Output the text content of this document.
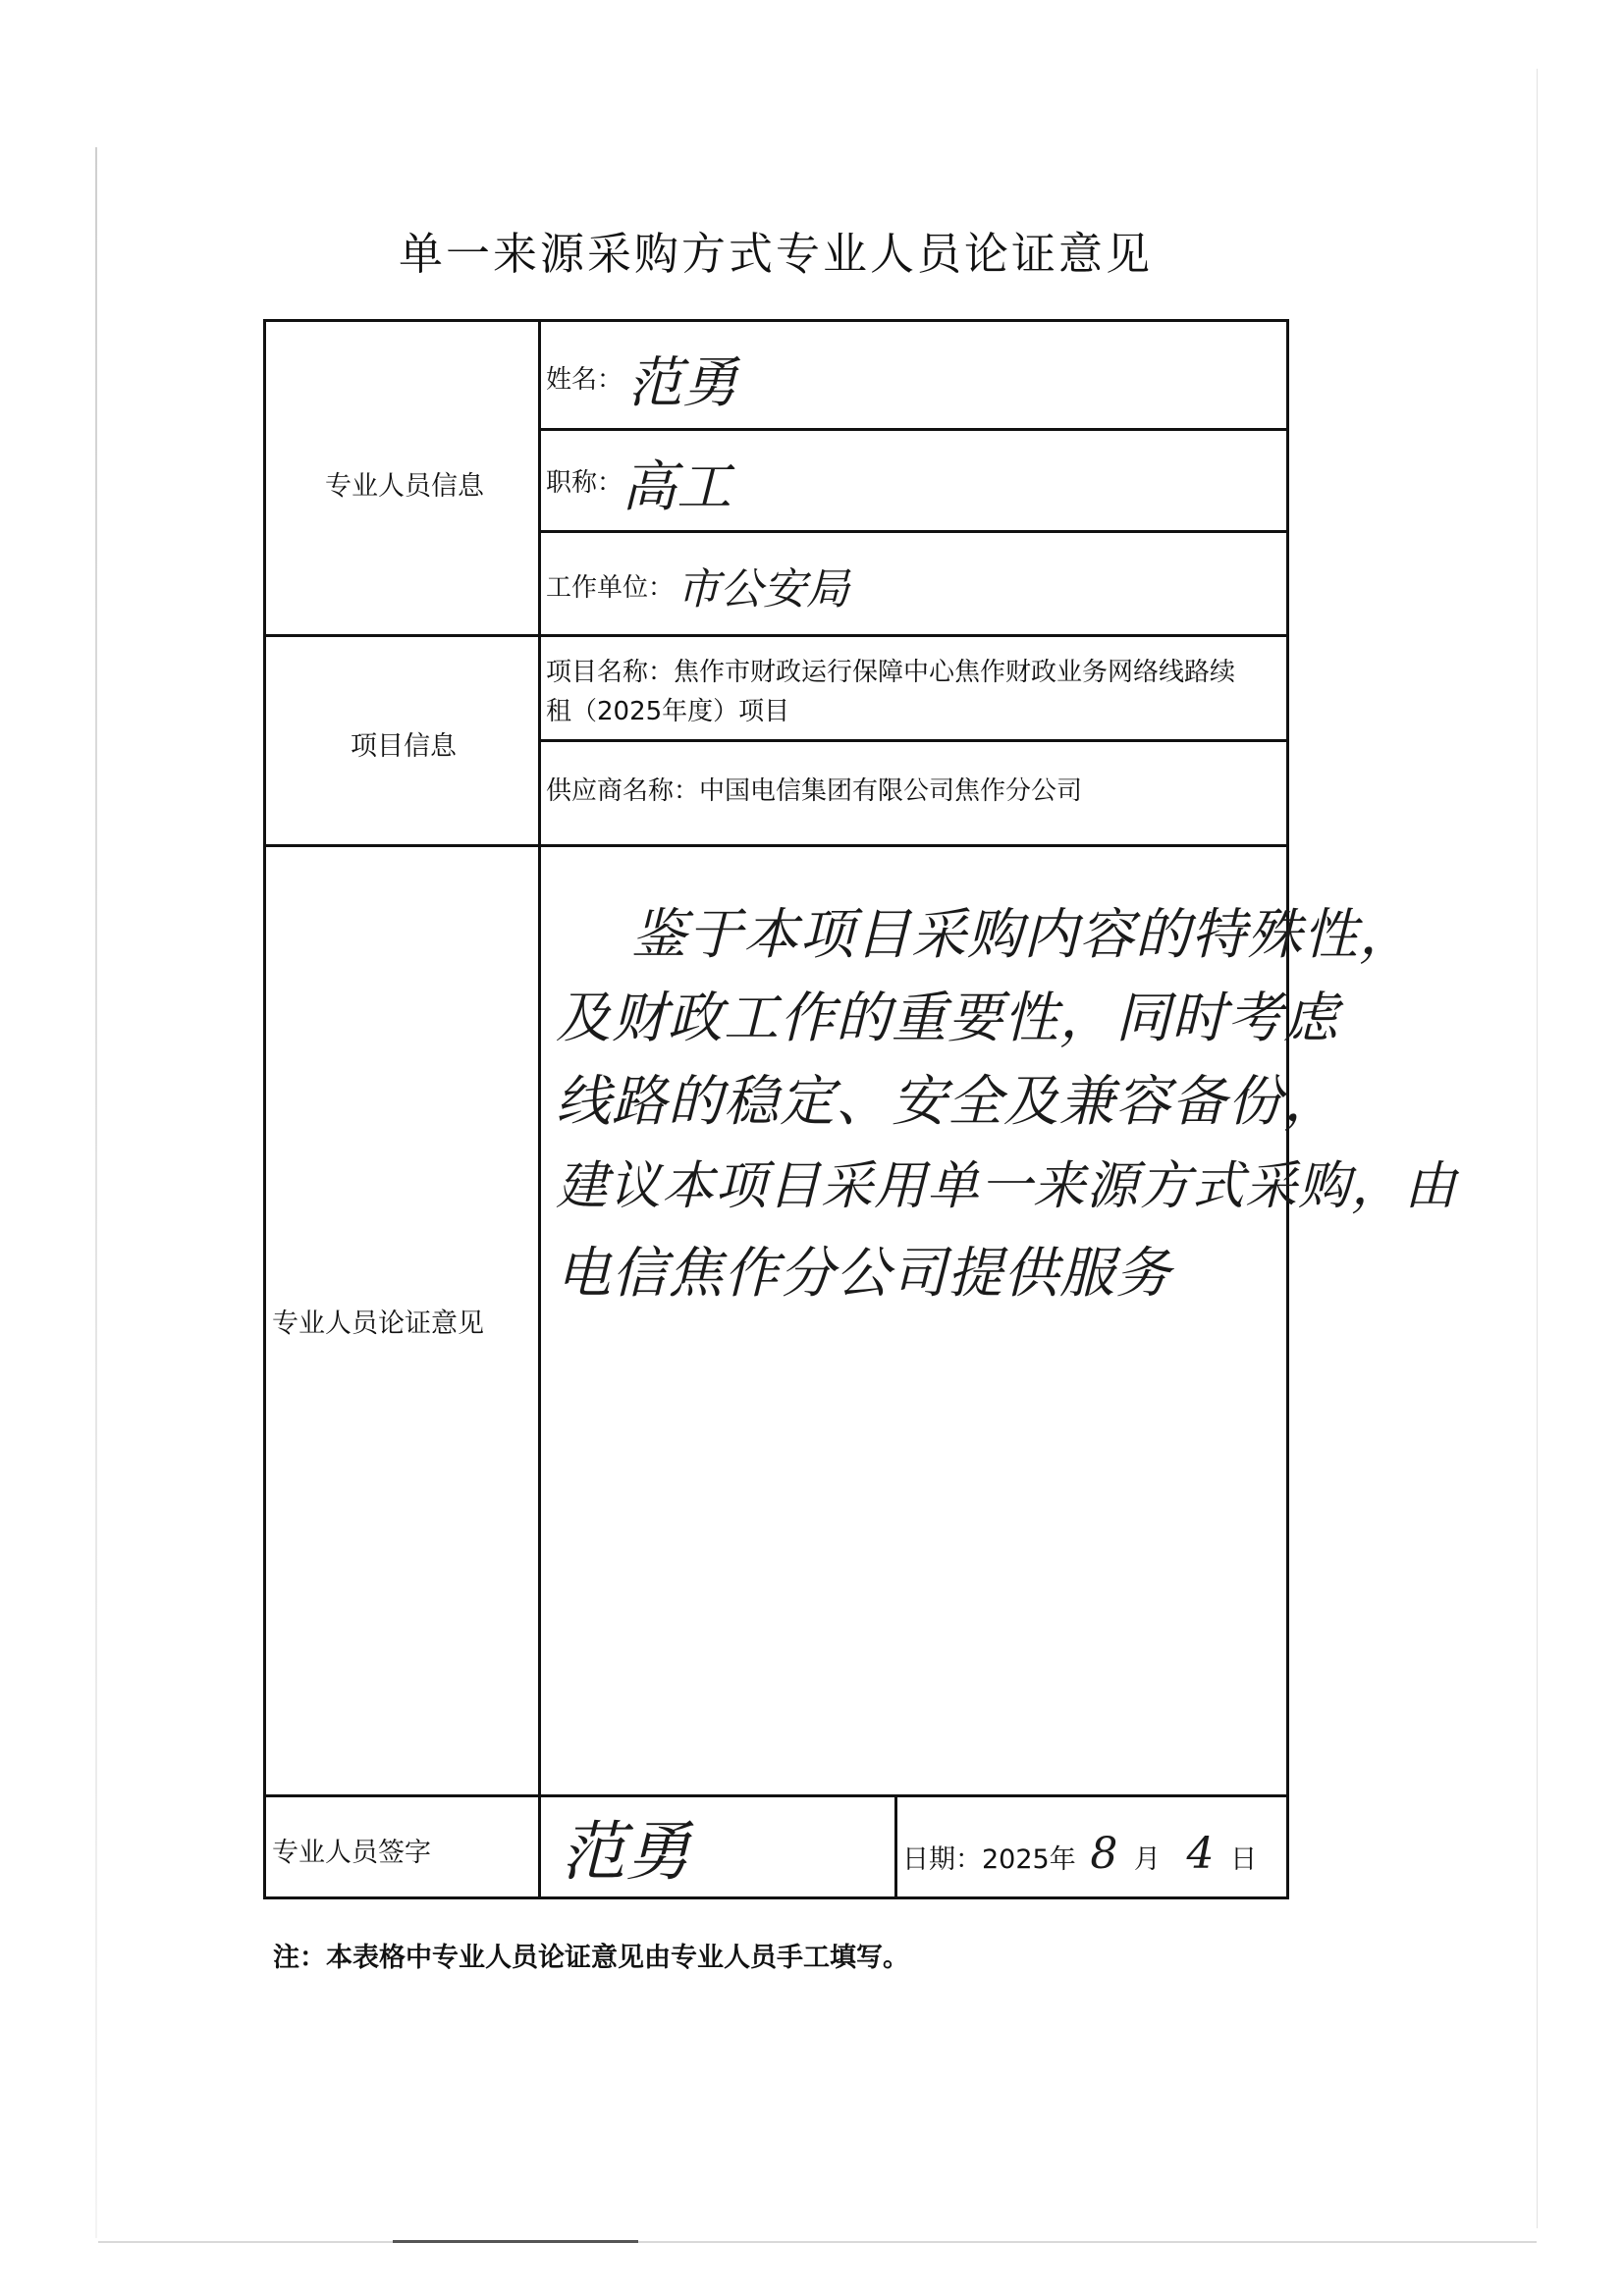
单一来源采购方式专业人员论证意见
专业人员信息
项目信息
专业人员论证意见
专业人员签字
姓名： 范勇
职称：
高工
工作单位： 市公安局
项目名称：焦作市财政运行保障中心焦作财政业务网络线路续租（2025年度）项目
供应商名称：中国电信集团有限公司焦作分公司
鉴于本项目采购内容的特殊性，
及财政工作的重要性，同时考虑
线路的稳定、安全及兼容备份，
建议本项目采用单一来源方式采购，由
电信焦作分公司提供服务
范勇	日期：2025年 8 月 4 日
注：本表格中专业人员论证意见由专业人员手工填写。
